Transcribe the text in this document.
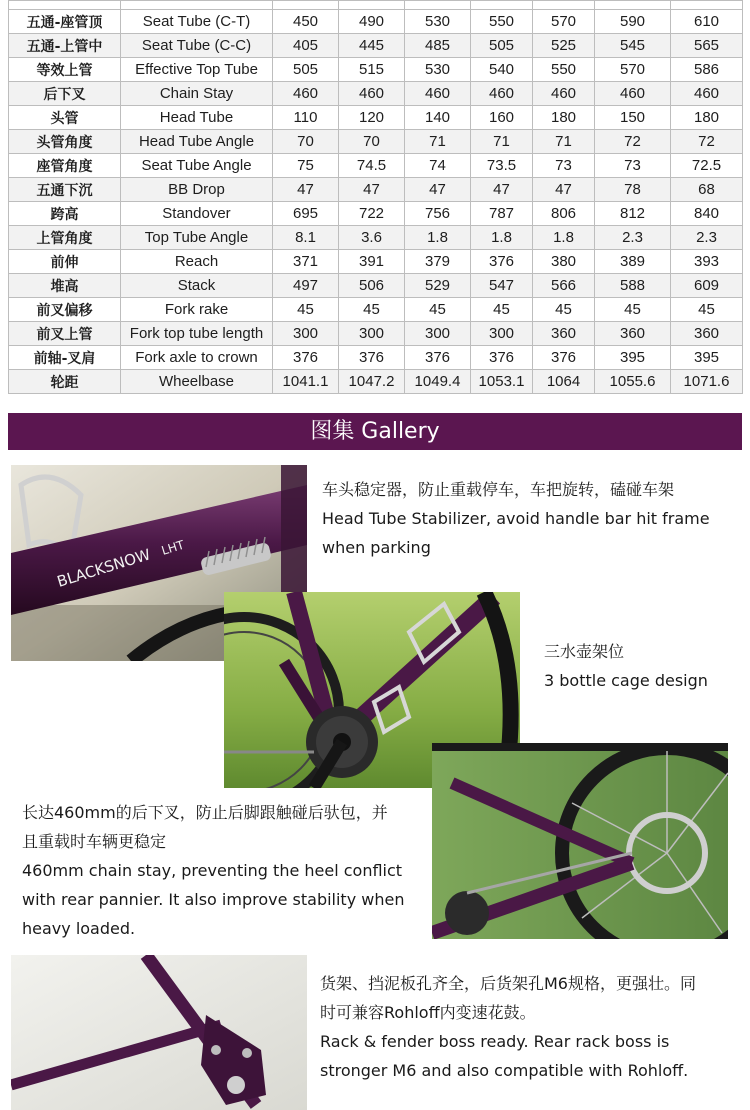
五通-座管顶	Seat Tube (C-T)	450	490	530	550	570	590	610
五通-上管中	Seat Tube (C-C)	405	445	485	505	525	545	565
等效上管	Effective Top Tube	505	515	530	540	550	570	586
后下叉	Chain Stay	460	460	460	460	460	460	460
头管	Head Tube	110	120	140	160	180	150	180
头管角度	Head Tube Angle	70	70	71	71	71	72	72
座管角度	Seat Tube Angle	75	74.5	74	73.5	73	73	72.5
五通下沉	BB Drop	47	47	47	47	47	78	68
跨高	Standover	695	722	756	787	806	812	840
上管角度	Top Tube Angle	8.1	3.6	1.8	1.8	1.8	2.3	2.3
前伸	Reach	371	391	379	376	380	389	393
堆高	Stack	497	506	529	547	566	588	609
前叉偏移	Fork rake	45	45	45	45	45	45	45
前叉上管	Fork top tube length	300	300	300	300	360	360	360
前轴-叉肩	Fork axle to crown	376	376	376	376	376	395	395
轮距	Wheelbase	1041.1	1047.2	1049.4	1053.1	1064	1055.6	1071.6
图集 Gallery
BLACKSNOW LHT
车头稳定器，防止重载停车，车把旋转，磕碰车架
Head Tube Stabilizer, avoid handle bar hit frame
when parking
三水壶架位
3 bottle cage design
长达460mm的后下叉，防止后脚跟触碰后驮包，并
且重载时车辆更稳定
460mm chain stay, preventing the heel conflict
with rear pannier. It also improve stability when
heavy loaded.
货架、挡泥板孔齐全，后货架孔M6规格，更强壮。同
时可兼容Rohloff内变速花鼓。
Rack & fender boss ready. Rear rack boss is
stronger M6 and also compatible with Rohloff.
